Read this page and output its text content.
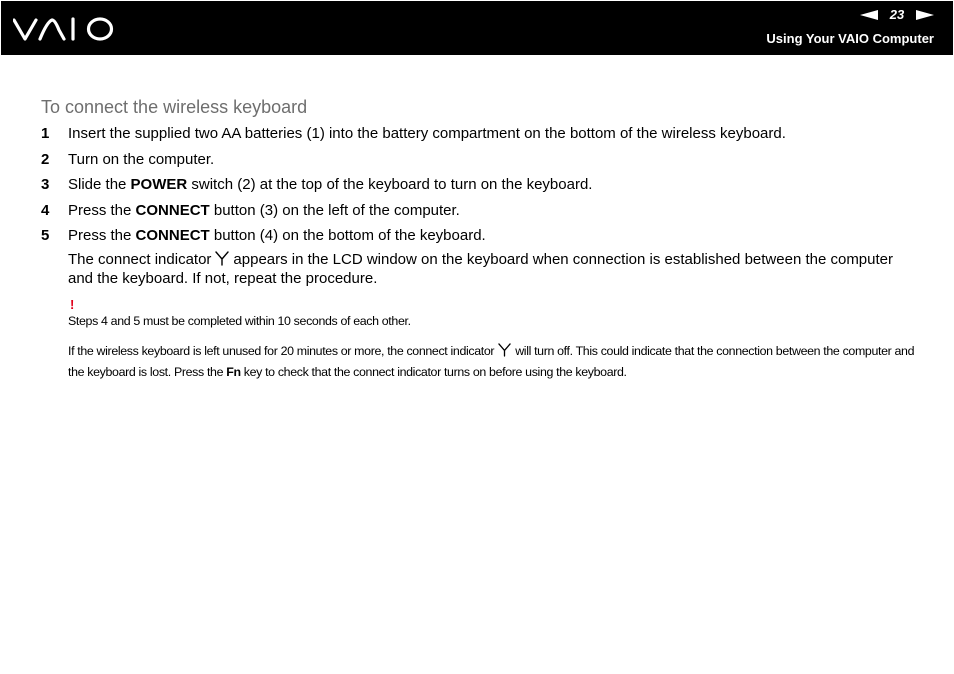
23
Using Your VAIO Computer
To connect the wireless keyboard
1 Insert the supplied two AA batteries (1) into the battery compartment on the bottom of the wireless keyboard.
2 Turn on the computer.
3 Slide the POWER switch (2) at the top of the keyboard to turn on the keyboard.
4 Press the CONNECT button (3) on the left of the computer.
5 Press the CONNECT button (4) on the bottom of the keyboard.
The connect indicator appears in the LCD window on the keyboard when connection is established between the computer and the keyboard. If not, repeat the procedure.
!

Steps 4 and 5 must be completed within 10 seconds of each other.

If the wireless keyboard is left unused for 20 minutes or more, the connect indicator will turn off. This could indicate that the connection between the computer and the keyboard is lost. Press the Fn key to check that the connect indicator turns on before using the keyboard.
